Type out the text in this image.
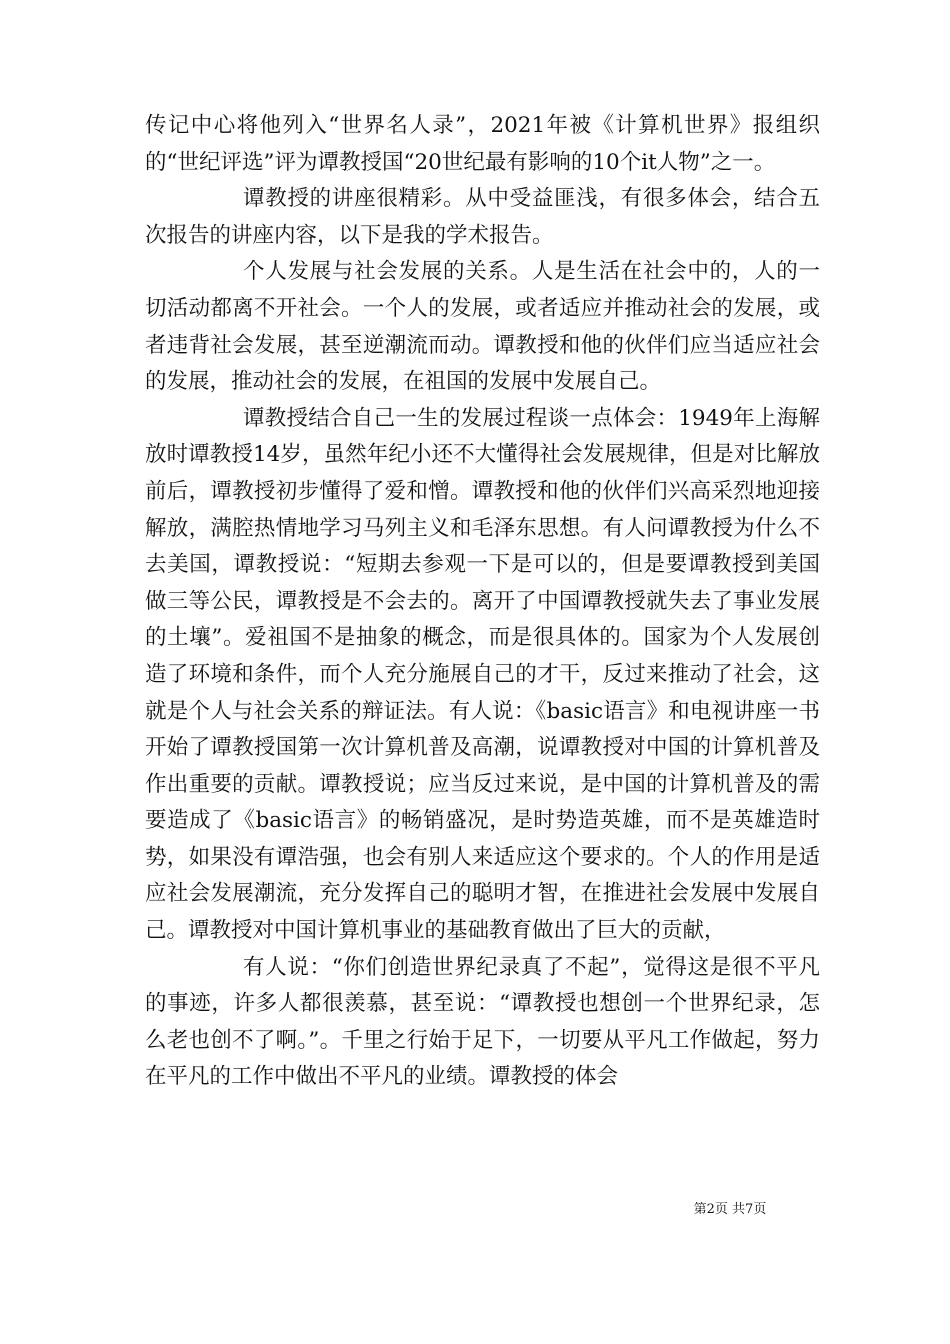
传记中心将他列入“世界名人录”，2021年被《计算机世界》报组织的“世纪评选”评为谭教授国“20世纪最有影响的10个it人物”之一。

谭教授的讲座很精彩。从中受益匪浅，有很多体会，结合五次报告的讲座内容，以下是我的学术报告。

个人发展与社会发展的关系。人是生活在社会中的，人的一切活动都离不开社会。一个人的发展，或者适应并推动社会的发展，或者违背社会发展，甚至逆潮流而动。谭教授和他的伙伴们应当适应社会的发展，推动社会的发展，在祖国的发展中发展自己。

谭教授结合自己一生的发展过程谈一点体会：1949年上海解放时谭教授14岁，虽然年纪小还不大懂得社会发展规律，但是对比解放前后，谭教授初步懂得了爱和憎。谭教授和他的伙伴们兴高采烈地迎接解放，满腔热情地学习马列主义和毛泽东思想。有人问谭教授为什么不去美国，谭教授说：“短期去参观一下是可以的，但是要谭教授到美国做三等公民，谭教授是不会去的。离开了中国谭教授就失去了事业发展的土壤”。爱祖国不是抽象的概念，而是很具体的。国家为个人发展创造了环境和条件，而个人充分施展自己的才干，反过来推动了社会，这就是个人与社会关系的辩证法。有人说：《basic语言》和电视讲座一书开始了谭教授国第一次计算机普及高潮，说谭教授对中国的计算机普及作出重要的贡献。谭教授说；应当反过来说，是中国的计算机普及的需要造成了《basic语言》的畅销盛况，是时势造英雄，而不是英雄造时势，如果没有谭浩强，也会有别人来适应这个要求的。个人的作用是适应社会发展潮流，充分发挥自己的聪明才智，在推进社会发展中发展自己。谭教授对中国计算机事业的基础教育做出了巨大的贡献，

有人说：“你们创造世界纪录真了不起”，觉得这是很不平凡的事迹，许多人都很羡慕，甚至说：“谭教授也想创一个世界纪录，怎么老也创不了啊。”。千里之行始于足下，一切要从平凡工作做起，努力在平凡的工作中做出不平凡的业绩。谭教授的体会

第2页 共7页
